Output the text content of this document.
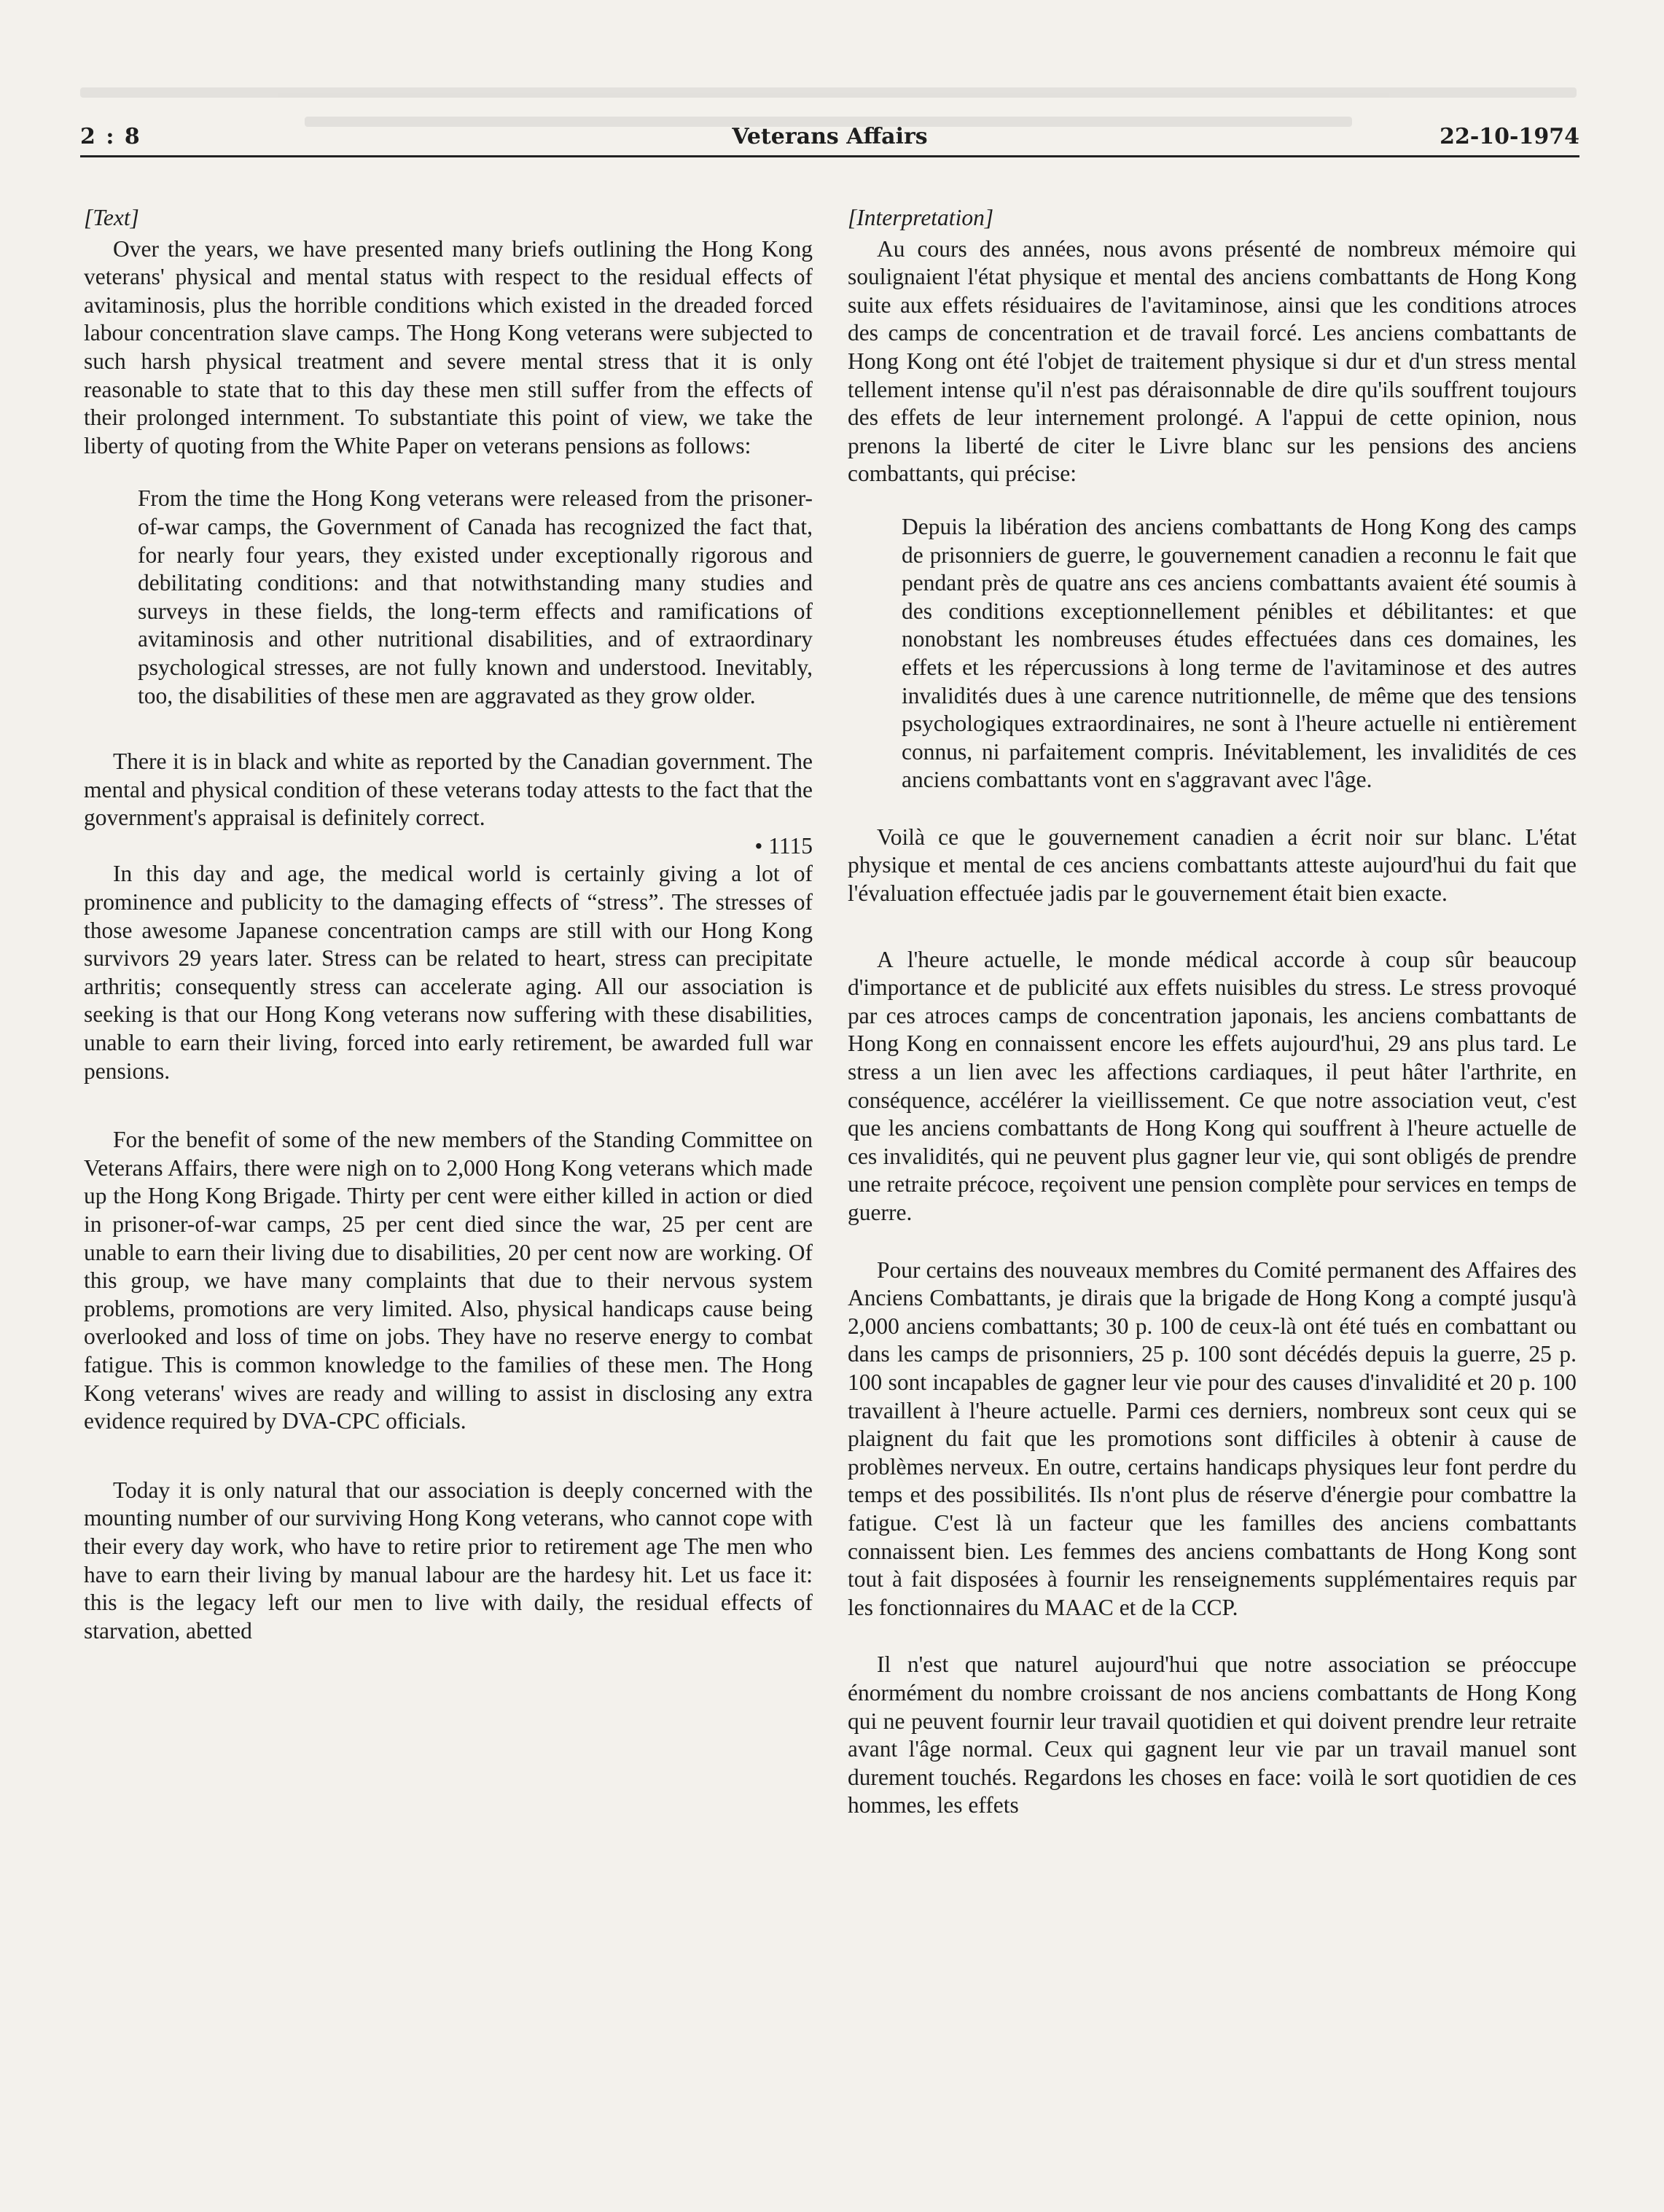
2 : 8	Veterans Affairs	22-10-1974
[Text]

Over the years, we have presented many briefs outlining the Hong Kong veterans' physical and mental status with respect to the residual effects of avitaminosis, plus the horrible conditions which existed in the dreaded forced labour concentration slave camps. The Hong Kong veterans were subjected to such harsh physical treatment and severe mental stress that it is only reasonable to state that to this day these men still suffer from the effects of their prolonged internment. To substantiate this point of view, we take the liberty of quoting from the White Paper on veterans pensions as follows:

From the time the Hong Kong veterans were released from the prisoner-of-war camps, the Government of Canada has recognized the fact that, for nearly four years, they existed under exceptionally rigorous and debilitating conditions: and that notwithstanding many studies and surveys in these fields, the long-term effects and ramifications of avitaminosis and other nutritional disabilities, and of extraordinary psychological stresses, are not fully known and understood. Inevitably, too, the disabilities of these men are aggravated as they grow older.

There it is in black and white as reported by the Canadian government. The mental and physical condition of these veterans today attests to the fact that the government's appraisal is definitely correct.

• 1115

In this day and age, the medical world is certainly giving a lot of prominence and publicity to the damaging effects of “stress”. The stresses of those awesome Japanese concentration camps are still with our Hong Kong survivors 29 years later. Stress can be related to heart, stress can precipitate arthritis; consequently stress can accelerate aging. All our association is seeking is that our Hong Kong veterans now suffering with these disabilities, unable to earn their living, forced into early retirement, be awarded full war pensions.

For the benefit of some of the new members of the Standing Committee on Veterans Affairs, there were nigh on to 2,000 Hong Kong veterans which made up the Hong Kong Brigade. Thirty per cent were either killed in action or died in prisoner-of-war camps, 25 per cent died since the war, 25 per cent are unable to earn their living due to disabilities, 20 per cent now are working. Of this group, we have many complaints that due to their nervous system problems, promotions are very limited. Also, physical handicaps cause being overlooked and loss of time on jobs. They have no reserve energy to combat fatigue. This is common knowledge to the families of these men. The Hong Kong veterans' wives are ready and willing to assist in disclosing any extra evidence required by DVA-CPC officials.

Today it is only natural that our association is deeply concerned with the mounting number of our surviving Hong Kong veterans, who cannot cope with their every day work, who have to retire prior to retirement age The men who have to earn their living by manual labour are the hardesy hit. Let us face it: this is the legacy left our men to live with daily, the residual effects of starvation, abetted

[Interpretation]

Au cours des années, nous avons présenté de nombreux mémoire qui soulignaient l'état physique et mental des anciens combattants de Hong Kong suite aux effets résiduaires de l'avitaminose, ainsi que les conditions atroces des camps de concentration et de travail forcé. Les anciens combattants de Hong Kong ont été l'objet de traitement physique si dur et d'un stress mental tellement intense qu'il n'est pas déraisonnable de dire qu'ils souffrent toujours des effets de leur internement prolongé. A l'appui de cette opinion, nous prenons la liberté de citer le Livre blanc sur les pensions des anciens combattants, qui précise:

Depuis la libération des anciens combattants de Hong Kong des camps de prisonniers de guerre, le gouvernement canadien a reconnu le fait que pendant près de quatre ans ces anciens combattants avaient été soumis à des conditions exceptionnellement pénibles et débilitantes: et que nonobstant les nombreuses études effectuées dans ces domaines, les effets et les répercussions à long terme de l'avitaminose et des autres invalidités dues à une carence nutritionnelle, de même que des tensions psychologiques extraordinaires, ne sont à l'heure actuelle ni entièrement connus, ni parfaitement compris. Inévitablement, les invalidités de ces anciens combattants vont en s'aggravant avec l'âge.

Voilà ce que le gouvernement canadien a écrit noir sur blanc. L'état physique et mental de ces anciens combattants atteste aujourd'hui du fait que l'évaluation effectuée jadis par le gouvernement était bien exacte.

A l'heure actuelle, le monde médical accorde à coup sûr beaucoup d'importance et de publicité aux effets nuisibles du stress. Le stress provoqué par ces atroces camps de concentration japonais, les anciens combattants de Hong Kong en connaissent encore les effets aujourd'hui, 29 ans plus tard. Le stress a un lien avec les affections cardiaques, il peut hâter l'arthrite, en conséquence, accélérer la vieillissement. Ce que notre association veut, c'est que les anciens combattants de Hong Kong qui souffrent à l'heure actuelle de ces invalidités, qui ne peuvent plus gagner leur vie, qui sont obligés de prendre une retraite précoce, reçoivent une pension complète pour services en temps de guerre.

Pour certains des nouveaux membres du Comité permanent des Affaires des Anciens Combattants, je dirais que la brigade de Hong Kong a compté jusqu'à 2,000 anciens combattants; 30 p. 100 de ceux-là ont été tués en combattant ou dans les camps de prisonniers, 25 p. 100 sont décédés depuis la guerre, 25 p. 100 sont incapables de gagner leur vie pour des causes d'invalidité et 20 p. 100 travaillent à l'heure actuelle. Parmi ces derniers, nombreux sont ceux qui se plaignent du fait que les promotions sont difficiles à obtenir à cause de problèmes nerveux. En outre, certains handicaps physiques leur font perdre du temps et des possibilités. Ils n'ont plus de réserve d'énergie pour combattre la fatigue. C'est là un facteur que les familles des anciens combattants connaissent bien. Les femmes des anciens combattants de Hong Kong sont tout à fait disposées à fournir les renseignements supplémentaires requis par les fonctionnaires du MAAC et de la CCP.

Il n'est que naturel aujourd'hui que notre association se préoccupe énormément du nombre croissant de nos anciens combattants de Hong Kong qui ne peuvent fournir leur travail quotidien et qui doivent prendre leur retraite avant l'âge normal. Ceux qui gagnent leur vie par un travail manuel sont durement touchés. Regardons les choses en face: voilà le sort quotidien de ces hommes, les effets
